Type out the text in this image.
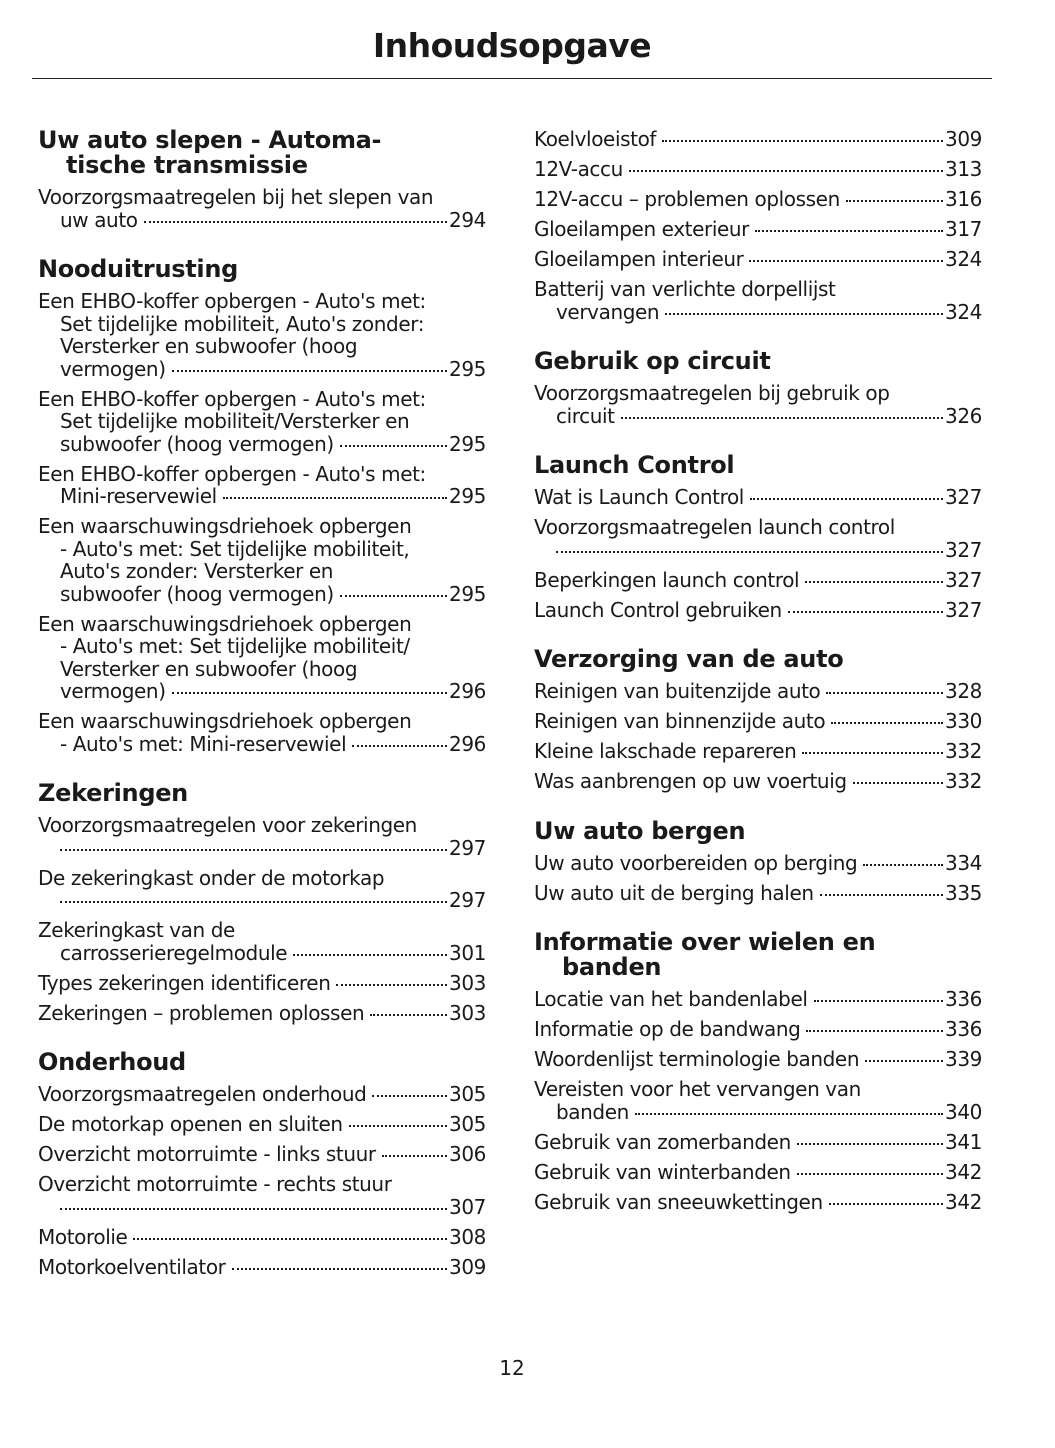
Inhoudsopgave
Uw auto slepen - Automa-
tische transmissie
Voorzorgsmaatregelen bij het slepen van
uw auto	294
Nooduitrusting
Een EHBO-koffer opbergen - Auto's met:
Set tijdelijke mobiliteit, Auto's zonder:
Versterker en subwoofer (hoog
vermogen)	295
Een EHBO-koffer opbergen - Auto's met:
Set tijdelijke mobiliteit/Versterker en
subwoofer (hoog vermogen)	295
Een EHBO-koffer opbergen - Auto's met:
Mini-reservewiel	295
Een waarschuwingsdriehoek opbergen
- Auto's met: Set tijdelijke mobiliteit,
Auto's zonder: Versterker en
subwoofer (hoog vermogen)	295
Een waarschuwingsdriehoek opbergen
- Auto's met: Set tijdelijke mobiliteit/
Versterker en subwoofer (hoog
vermogen)	296
Een waarschuwingsdriehoek opbergen
- Auto's met: Mini-reservewiel	296
Zekeringen
Voorzorgsmaatregelen voor zekeringen
297
De zekeringkast onder de motorkap
297
Zekeringkast van de
carrosserieregelmodule	301
Types zekeringen identificeren	303
Zekeringen – problemen oplossen	303
Onderhoud
Voorzorgsmaatregelen onderhoud	305
De motorkap openen en sluiten	305
Overzicht motorruimte - links stuur	306
Overzicht motorruimte - rechts stuur
307
Motorolie	308
Motorkoelventilator	309
Koelvloeistof	309
12V-accu	313
12V-accu – problemen oplossen	316
Gloeilampen exterieur	317
Gloeilampen interieur	324
Batterij van verlichte dorpellijst
vervangen	324
Gebruik op circuit
Voorzorgsmaatregelen bij gebruik op
circuit	326
Launch Control
Wat is Launch Control	327
Voorzorgsmaatregelen launch control
327
Beperkingen launch control	327
Launch Control gebruiken	327
Verzorging van de auto
Reinigen van buitenzijde auto	328
Reinigen van binnenzijde auto	330
Kleine lakschade repareren	332
Was aanbrengen op uw voertuig	332
Uw auto bergen
Uw auto voorbereiden op berging	334
Uw auto uit de berging halen	335
Informatie over wielen en
banden
Locatie van het bandenlabel	336
Informatie op de bandwang	336
Woordenlijst terminologie banden	339
Vereisten voor het vervangen van
banden	340
Gebruik van zomerbanden	341
Gebruik van winterbanden	342
Gebruik van sneeuwkettingen	342
12
